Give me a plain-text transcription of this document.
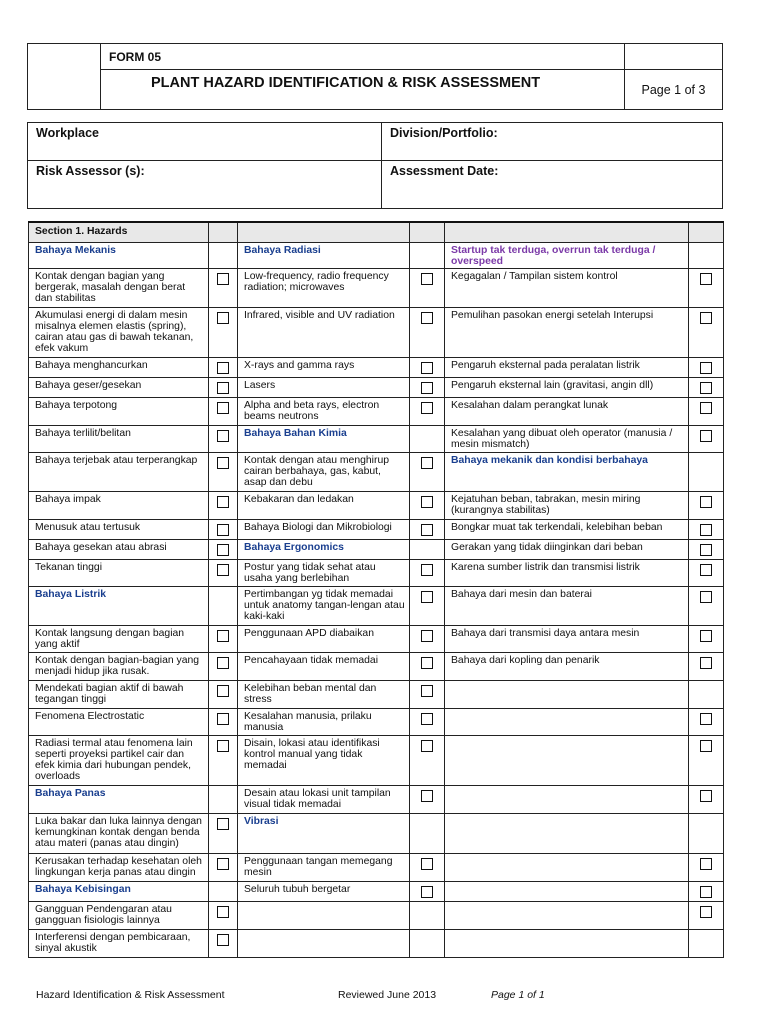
	FORM 05	
	PLANT HAZARD IDENTIFICATION & RISK ASSESSMENT	Page 1 of 3
Workplace	Division/Portfolio:
Risk Assessor (s):	Assessment Date:
Section 1. Hazards					
Bahaya Mekanis		Bahaya Radiasi		Startup tak terduga, overrun tak terduga / overspeed	
Kontak dengan bagian yang bergerak, masalah dengan berat dan stabilitas		Low-frequency, radio frequency radiation; microwaves		Kegagalan / Tampilan sistem kontrol	
Akumulasi energi di dalam mesin misalnya elemen elastis (spring), cairan atau gas di bawah tekanan, efek vakum		Infrared, visible and UV radiation		Pemulihan pasokan energi setelah Interupsi	
Bahaya menghancurkan		X-rays and gamma rays		Pengaruh eksternal pada peralatan listrik	
Bahaya geser/gesekan		Lasers		Pengaruh eksternal lain (gravitasi, angin dll)	
Bahaya terpotong		Alpha and beta rays, electron beams neutrons		Kesalahan dalam perangkat lunak	
Bahaya terlilit/belitan		Bahaya Bahan Kimia		Kesalahan yang dibuat oleh operator (manusia / mesin mismatch)	
Bahaya terjebak atau terperangkap		Kontak dengan atau menghirup cairan berbahaya, gas, kabut, asap dan debu		Bahaya mekanik dan kondisi berbahaya	
Bahaya impak		Kebakaran dan ledakan		Kejatuhan beban, tabrakan, mesin miring (kurangnya stabilitas)	
Menusuk atau tertusuk		Bahaya Biologi dan Mikrobiologi		Bongkar muat tak terkendali, kelebihan beban	
Bahaya gesekan atau abrasi		Bahaya Ergonomics		Gerakan yang tidak diinginkan dari beban	
Tekanan tinggi		Postur yang tidak sehat atau usaha yang berlebihan		Karena sumber listrik dan transmisi listrik	
Bahaya Listrik		Pertimbangan yg tidak memadai untuk anatomy tangan-lengan atau kaki-kaki		Bahaya dari mesin dan baterai	
Kontak langsung dengan bagian yang aktif		Penggunaan APD diabaikan		Bahaya dari transmisi daya antara mesin	
Kontak dengan bagian-bagian yang menjadi hidup jika rusak.		Pencahayaan tidak memadai		Bahaya dari kopling dan penarik	
Mendekati bagian aktif di bawah tegangan tinggi		Kelebihan beban mental dan stress			
Fenomena Electrostatic		Kesalahan manusia, prilaku manusia			
Radiasi termal atau fenomena lain seperti proyeksi partikel cair dan efek kimia dari hubungan pendek, overloads		Disain, lokasi atau identifikasi kontrol manual yang tidak memadai			
Bahaya Panas		Desain atau lokasi unit tampilan visual tidak memadai			
Luka bakar dan luka lainnya dengan kemungkinan kontak dengan benda atau materi (panas atau dingin)		Vibrasi			
Kerusakan terhadap kesehatan oleh lingkungan kerja panas atau dingin		Penggunaan tangan memegang mesin			
Bahaya Kebisingan		Seluruh tubuh bergetar			
Gangguan Pendengaran atau gangguan fisiologis lainnya					
Interferensi dengan pembicaraan, sinyal akustik					
Hazard Identification & Risk Assessment	Reviewed June 2013	Page 1 of 1
